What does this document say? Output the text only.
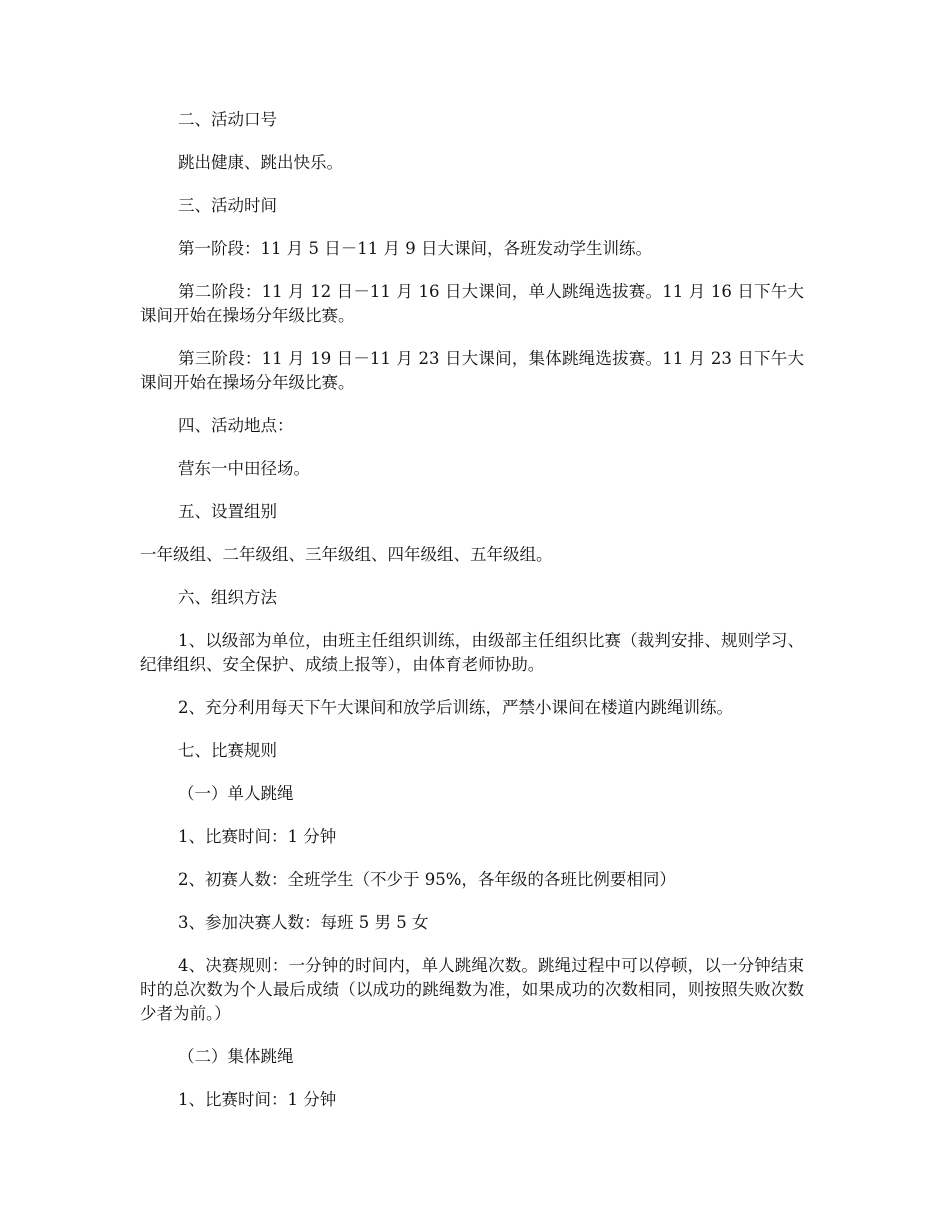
二、活动口号

跳出健康、跳出快乐。

三、活动时间

第一阶段：11 月 5 日－11 月 9 日大课间，各班发动学生训练。

第二阶段：11 月 12 日－11 月 16 日大课间，单人跳绳选拔赛。11 月 16 日下午大课间开始在操场分年级比赛。

第三阶段：11 月 19 日－11 月 23 日大课间，集体跳绳选拔赛。11 月 23 日下午大课间开始在操场分年级比赛。

四、活动地点：

营东一中田径场。

五、设置组别

一年级组、二年级组、三年级组、四年级组、五年级组。

六、组织方法

1、以级部为单位，由班主任组织训练，由级部主任组织比赛（裁判安排、规则学习、纪律组织、安全保护、成绩上报等），由体育老师协助。

2、充分利用每天下午大课间和放学后训练，严禁小课间在楼道内跳绳训练。

七、比赛规则

（一）单人跳绳

1、比赛时间：1 分钟

2、初赛人数：全班学生（不少于 95%，各年级的各班比例要相同）

3、参加决赛人数：每班 5 男 5 女

4、决赛规则：一分钟的时间内，单人跳绳次数。跳绳过程中可以停顿，以一分钟结束时的总次数为个人最后成绩（以成功的跳绳数为准，如果成功的次数相同，则按照失败次数少者为前。）

（二）集体跳绳

1、比赛时间：1 分钟
